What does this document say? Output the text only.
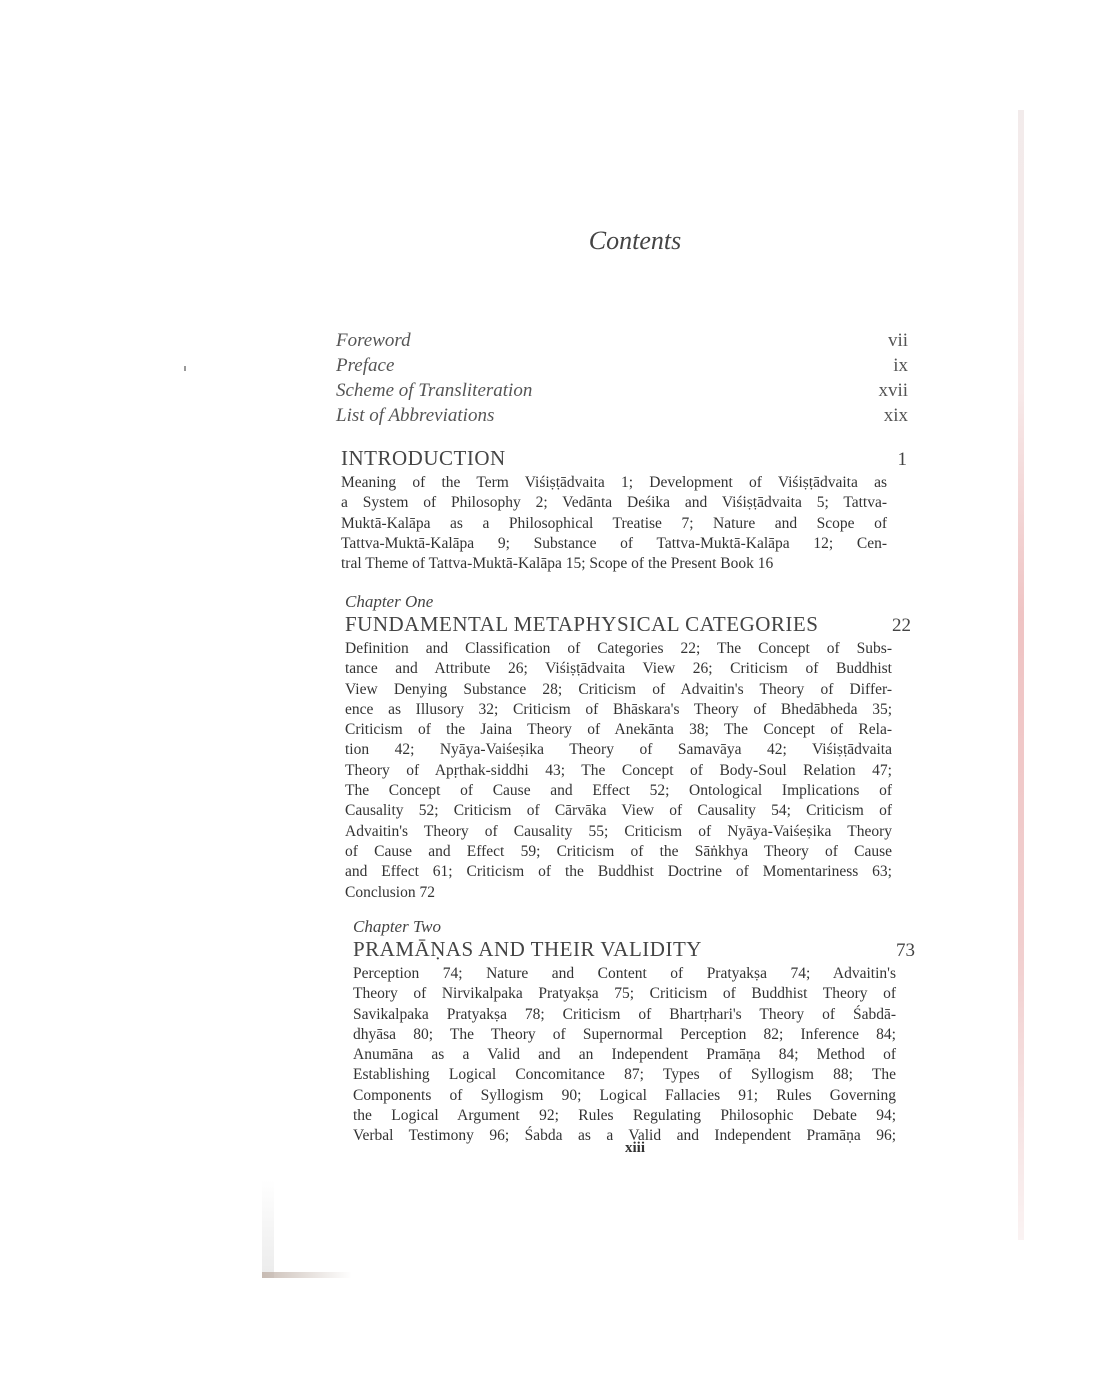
Contents
Foreword	vii
Preface	ix
Scheme of Transliteration	xvii
List of Abbreviations	xix
INTRODUCTION	1
Meaning of the Term Viśiṣṭādvaita 1; Development of Viśiṣṭādvaita as
a System of Philosophy 2; Vedānta Deśika and Viśiṣṭādvaita 5; Tattva-
Muktā-Kalāpa as a Philosophical Treatise 7; Nature and Scope of
Tattva-Muktā-Kalāpa 9; Substance of Tattva-Muktā-Kalāpa 12; Cen-
tral Theme of Tattva-Muktā-Kalāpa 15; Scope of the Present Book 16
Chapter One
FUNDAMENTAL METAPHYSICAL CATEGORIES	22
Definition and Classification of Categories 22; The Concept of Subs-
tance and Attribute 26; Viśiṣṭādvaita View 26; Criticism of Buddhist
View Denying Substance 28; Criticism of Advaitin's Theory of Differ-
ence as Illusory 32; Criticism of Bhāskara's Theory of Bhedābheda 35;
Criticism of the Jaina Theory of Anekānta 38; The Concept of Rela-
tion 42; Nyāya-Vaiśeṣika Theory of Samavāya 42; Viśiṣṭādvaita
Theory of Apṛthak-siddhi 43; The Concept of Body-Soul Relation 47;
The Concept of Cause and Effect 52; Ontological Implications of
Causality 52; Criticism of Cārvāka View of Causality 54; Criticism of
Advaitin's Theory of Causality 55; Criticism of Nyāya-Vaiśeṣika Theory
of Cause and Effect 59; Criticism of the Sāṅkhya Theory of Cause
and Effect 61; Criticism of the Buddhist Doctrine of Momentariness 63;
Conclusion 72
Chapter Two
PRAMĀṆAS AND THEIR VALIDITY	73
Perception 74; Nature and Content of Pratyakṣa 74; Advaitin's
Theory of Nirvikalpaka Pratyakṣa 75; Criticism of Buddhist Theory of
Savikalpaka Pratyakṣa 78; Criticism of Bhartṛhari's Theory of Śabdā-
dhyāsa 80; The Theory of Supernormal Perception 82; Inference 84;
Anumāna as a Valid and an Independent Pramāṇa 84; Method of
Establishing Logical Concomitance 87; Types of Syllogism 88; The
Components of Syllogism 90; Logical Fallacies 91; Rules Governing
the Logical Argument 92; Rules Regulating Philosophic Debate 94;
Verbal Testimony 96; Śabda as a Valid and Independent Pramāṇa 96;
xiii
